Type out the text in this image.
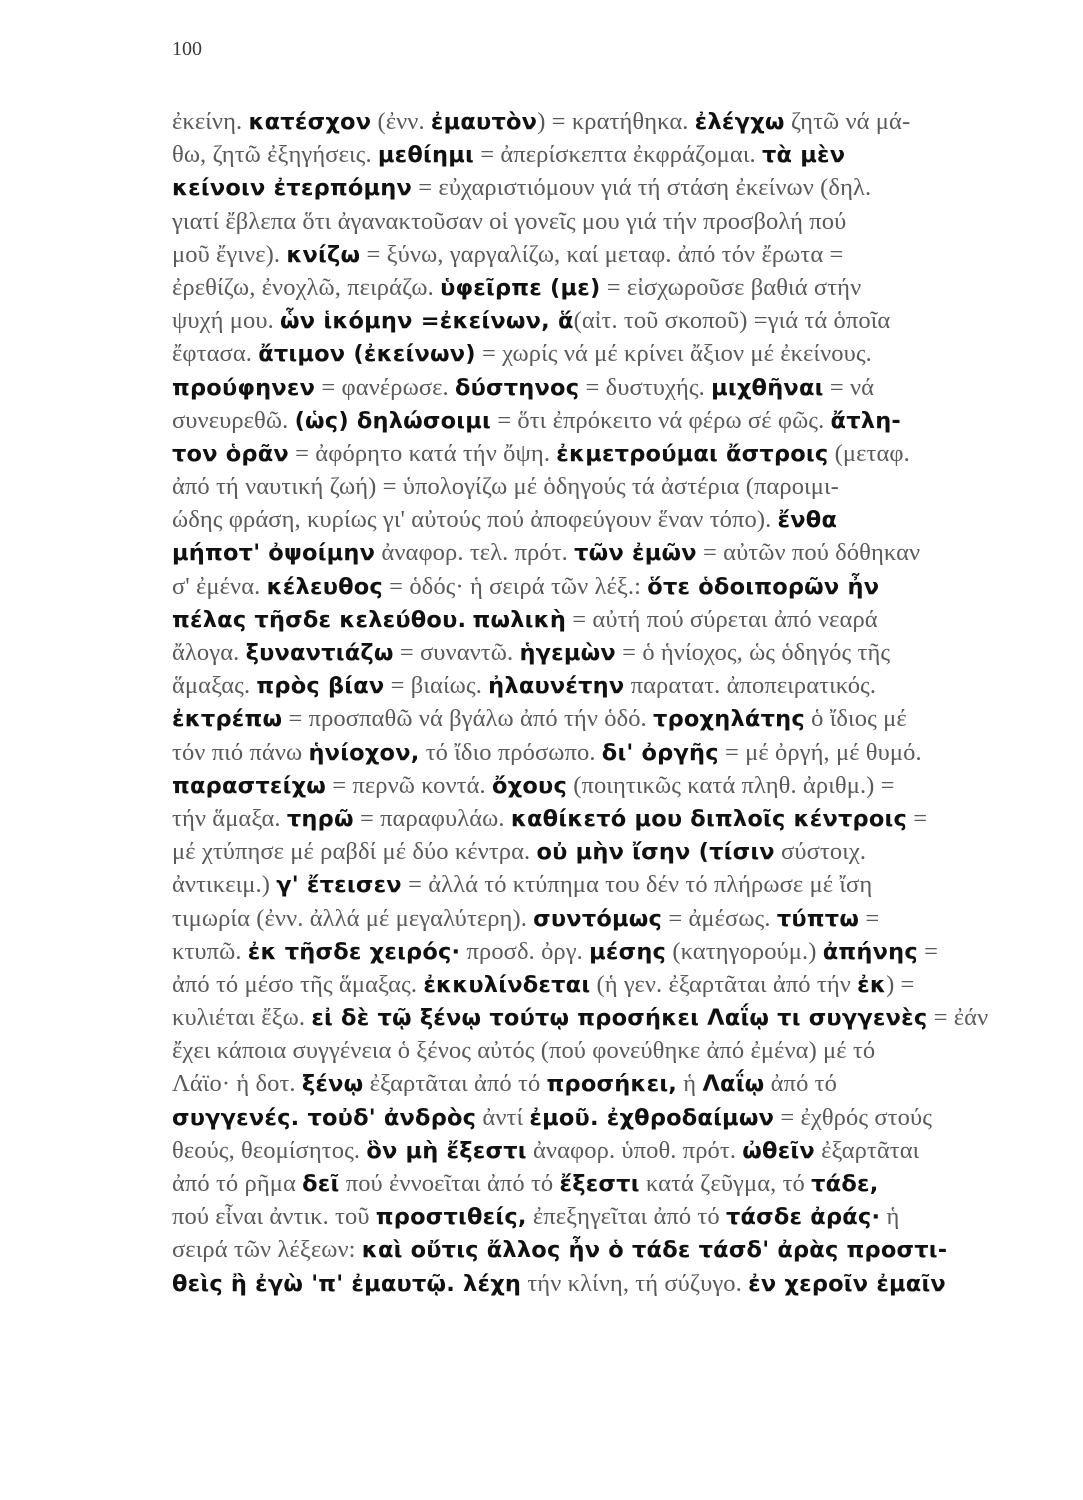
100
ἐκείνη. κατέσχον (ἐνν. ἐμαυτὸν) = κρατήθηκα. ἐλέγχω ζητῶ νά μά-
θω, ζητῶ ἐξηγήσεις. μεθίημι = ἀπερίσκεπτα ἐκφράζομαι. τὰ μὲν
κείνοιν ἐτερπόμην = εὐχαριστιόμουν γιά τή στάση ἐκείνων (δηλ.
γιατί ἔβλεπα ὅτι ἀγανακτοῦσαν οἱ γονεῖς μου γιά τήν προσβολή πού
μοῦ ἔγινε). κνίζω = ξύνω, γαργαλίζω, καί μεταφ. ἀπό τόν ἔρωτα =
ἐρεθίζω, ἐνοχλῶ, πειράζω. ὑφεῖρπε (με) = εἰσχωροῦσε βαθιά στήν
ψυχή μου. ὧν ἱκόμην =ἐκείνων, ἅ(αἰτ. τοῦ σκοποῦ) =γιά τά ὁποῖα
ἔφτασα. ἄτιμον (ἐκείνων) = χωρίς νά μέ κρίνει ἄξιον μέ ἐκείνους.
προύφηνεν = φανέρωσε. δύστηνος = δυστυχής. μιχθῆναι = νά
συνευρεθῶ. (ὡς) δηλώσοιμι = ὅτι ἐπρόκειτο νά φέρω σέ φῶς. ἄτλη-
τον ὁρᾶν = ἀφόρητο κατά τήν ὄψη. ἐκμετρούμαι ἄστροις (μεταφ.
ἀπό τή ναυτική ζωή) = ὑπολογίζω μέ ὁδηγούς τά ἀστέρια (παροιμι-
ώδης φράση, κυρίως γι' αὐτούς πού ἀποφεύγουν ἕναν τόπο). ἔνθα
μήποτ' ὀψοίμην ἀναφορ. τελ. πρότ. τῶν ἐμῶν = αὐτῶν πού δόθηκαν
σ' ἐμένα. κέλευθος = ὁδός· ἡ σειρά τῶν λέξ.: ὅτε ὁδοιπορῶν ἦν
πέλας τῆσδε κελεύθου. πωλικὴ = αὐτή πού σύρεται ἀπό νεαρά
ἄλογα. ξυναντιάζω = συναντῶ. ἡγεμὼν = ὁ ἡνίοχος, ὡς ὁδηγός τῆς
ἅμαξας. πρὸς βίαν = βιαίως. ἠλαυνέτην παρατατ. ἀποπειρατικός.
ἐκτρέπω = προσπαθῶ νά βγάλω ἀπό τήν ὁδό. τροχηλάτης ὁ ἴδιος μέ
τόν πιό πάνω ἡνίοχον, τό ἴδιο πρόσωπο. δι' ὀργῆς = μέ ὀργή, μέ θυμό.
παραστείχω = περνῶ κοντά. ὄχους (ποιητικῶς κατά πληθ. ἀριθμ.) =
τήν ἅμαξα. τηρῶ = παραφυλάω. καθίκετό μου διπλοῖς κέντροις =
μέ χτύπησε μέ ραβδί μέ δύο κέντρα. οὐ μὴν ἴσην (τίσιν σύστοιχ.
ἀντικειμ.) γ' ἔτεισεν = ἀλλά τό κτύπημα του δέν τό πλήρωσε μέ ἴση
τιμωρία (ἐνν. ἀλλά μέ μεγαλύτερη). συντόμως = ἀμέσως. τύπτω =
κτυπῶ. ἐκ τῆσδε χειρός· προσδ. ὀργ. μέσης (κατηγορούμ.) ἀπήνης =
ἀπό τό μέσο τῆς ἅμαξας. ἐκκυλίνδεται (ἡ γεν. ἐξαρτᾶται ἀπό τήν ἐκ) =
κυλιέται ἔξω. εἰ δὲ τῷ ξένῳ τούτῳ προσήκει Λαΐῳ τι συγγενὲς = ἐάν
ἔχει κάποια συγγένεια ὁ ξένος αὐτός (πού φονεύθηκε ἀπό ἐμένα) μέ τό
Λάϊο· ἡ δοτ. ξένῳ ἐξαρτᾶται ἀπό τό προσήκει, ἡ Λαΐῳ ἀπό τό
συγγενές. τοὐδ' ἀνδρὸς ἀντί ἐμοῦ. ἐχθροδαίμων = ἐχθρός στούς
θεούς, θεομίσητος. ὃν μὴ ἔξεστι ἀναφορ. ὑποθ. πρότ. ὠθεῖν ἐξαρτᾶται
ἀπό τό ρῆμα δεῖ πού ἐννοεῖται ἀπό τό ἔξεστι κατά ζεῦγμα, τό τάδε,
πού εἶναι ἀντικ. τοῦ προστιθείς, ἐπεξηγεῖται ἀπό τό τάσδε ἀράς· ἡ
σειρά τῶν λέξεων: καὶ οὔτις ἄλλος ἦν ὁ τάδε τάσδ' ἀρὰς προστι-
θεὶς ἢ ἐγὼ 'π' ἐμαυτῷ. λέχη τήν κλίνη, τή σύζυγο. ἐν χεροῖν ἐμαῖν
